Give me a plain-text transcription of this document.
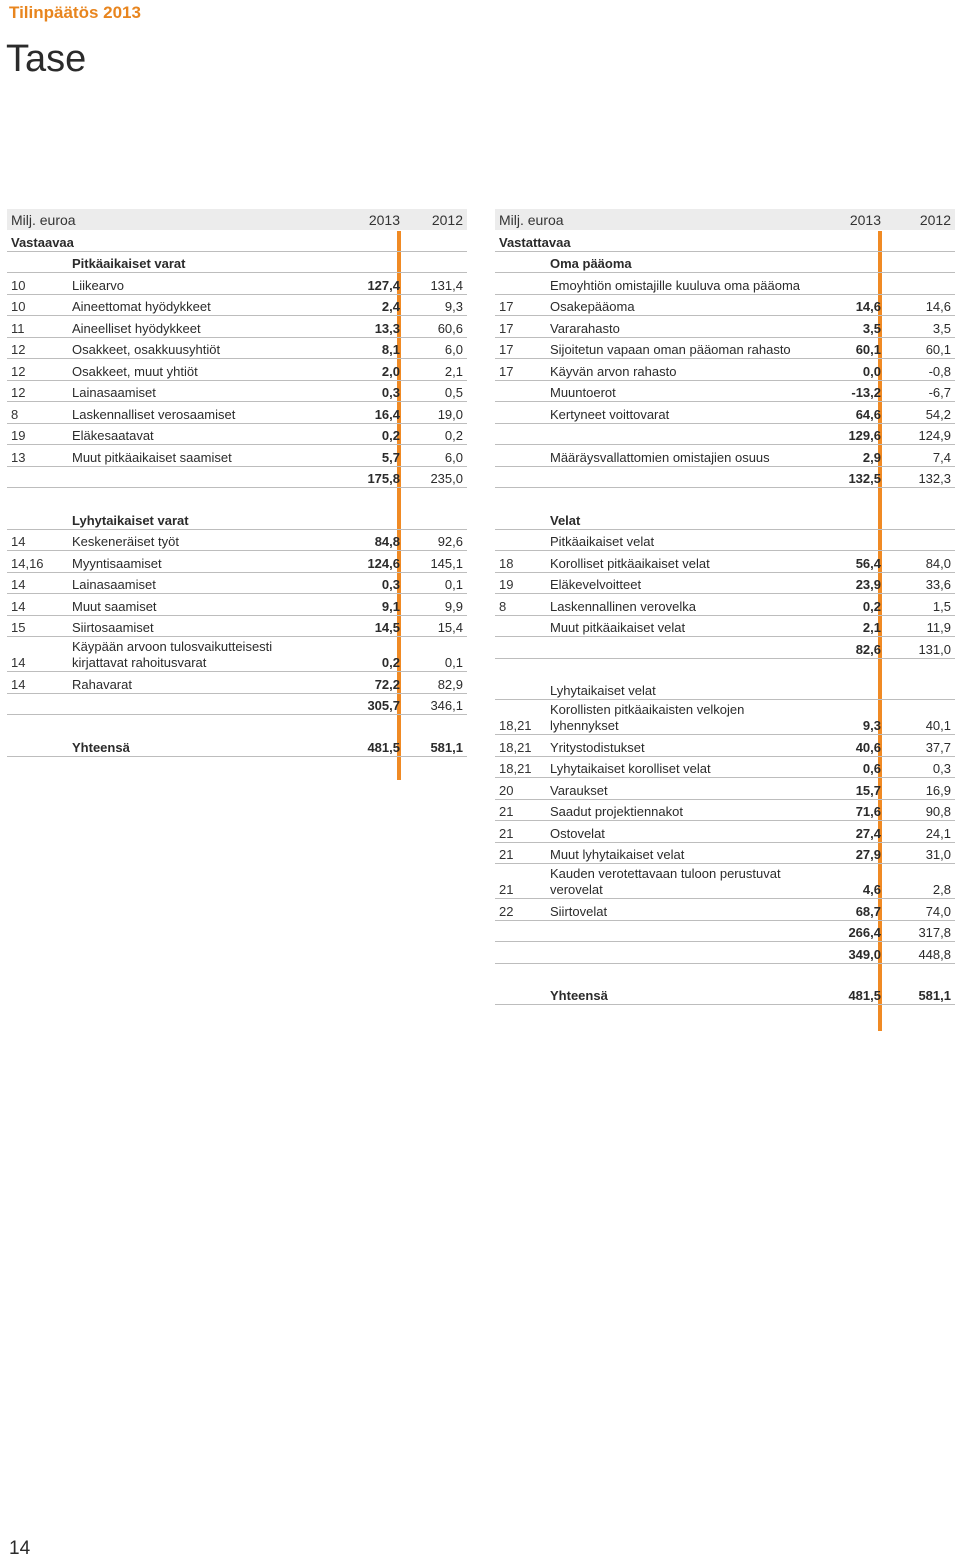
Tilinpäätös 2013
Tase
Milj. euroa		2013	2012
Vastaavaa			
	Pitkäaikaiset varat		
10	Liikearvo	127,4	131,4
10	Aineettomat hyödykkeet	2,4	9,3
11	Aineelliset hyödykkeet	13,3	60,6
12	Osakkeet, osakkuusyhtiöt	8,1	6,0
12	Osakkeet, muut yhtiöt	2,0	2,1
12	Lainasaamiset	0,3	0,5
8	Laskennalliset verosaamiset	16,4	19,0
19	Eläkesaatavat	0,2	0,2
13	Muut pitkäaikaiset saamiset	5,7	6,0
		175,8	235,0

	Lyhytaikaiset varat		
14	Keskeneräiset työt	84,8	92,6
14,16	Myyntisaamiset	124,6	145,1
14	Lainasaamiset	0,3	0,1
14	Muut saamiset	9,1	9,9
15	Siirtosaamiset	14,5	15,4
14	Käypään arvoon tulosvaikutteisesti kirjattavat rahoitusvarat	0,2	0,1
14	Rahavarat	72,2	82,9
		305,7	346,1

	Yhteensä	481,5	581,1
Milj. euroa		2013	2012
Vastattavaa			
	Oma pääoma		
	Emoyhtiön omistajille kuuluva oma pääoma		
17	Osakepääoma	14,6	14,6
17	Vararahasto	3,5	3,5
17	Sijoitetun vapaan oman pääoman rahasto	60,1	60,1
17	Käyvän arvon rahasto	0,0	-0,8
	Muuntoerot	-13,2	-6,7
	Kertyneet voittovarat	64,6	54,2
		129,6	124,9
	Määräysvallattomien omistajien osuus	2,9	7,4
		132,5	132,3

	Velat		
	Pitkäaikaiset velat		
18	Korolliset pitkäaikaiset velat	56,4	84,0
19	Eläkevelvoitteet	23,9	33,6
8	Laskennallinen verovelka	0,2	1,5
	Muut pitkäaikaiset velat	2,1	11,9
		82,6	131,0

	Lyhytaikaiset velat		
18,21	Korollisten pitkäaikaisten velkojen lyhennykset	9,3	40,1
18,21	Yritystodistukset	40,6	37,7
18,21	Lyhytaikaiset korolliset velat	0,6	0,3
20	Varaukset	15,7	16,9
21	Saadut projektiennakot	71,6	90,8
21	Ostovelat	27,4	24,1
21	Muut lyhytaikaiset velat	27,9	31,0
21	Kauden verotettavaan tuloon perustuvat verovelat	4,6	2,8
22	Siirtovelat	68,7	74,0
		266,4	317,8
		349,0	448,8

	Yhteensä	481,5	581,1
14
